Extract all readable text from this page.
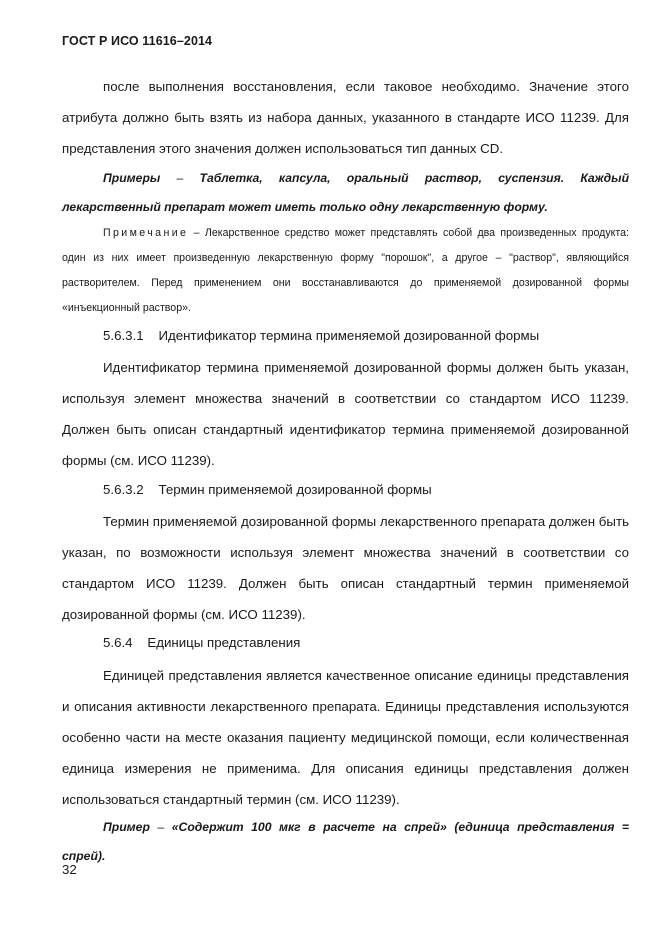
ГОСТ Р ИСО 11616–2014

после выполнения восстановления, если таковое необходимо. Значение этого атрибута должно быть взять из набора данных, указанного в стандарте ИСО 11239. Для представления этого значения должен использоваться тип данных CD.

Примеры – Таблетка, капсула, оральный раствор, суспензия. Каждый лекарственный препарат может иметь только одну лекарственную форму.

Примечание – Лекарственное средство может представлять собой два произведенных продукта: один из них имеет произведенную лекарственную форму "порошок", а другое – "раствор", являющийся растворителем. Перед применением они восстанавливаются до применяемой дозированной формы «инъекционный раствор».

5.6.3.1 Идентификатор термина применяемой дозированной формы

Идентификатор термина применяемой дозированной формы должен быть указан, используя элемент множества значений в соответствии со стандартом ИСО 11239. Должен быть описан стандартный идентификатор термина применяемой дозированной формы (см. ИСО 11239).

5.6.3.2 Термин применяемой дозированной формы

Термин применяемой дозированной формы лекарственного препарата должен быть указан, по возможности используя элемент множества значений в соответствии со стандартом ИСО 11239. Должен быть описан стандартный термин применяемой дозированной формы (см. ИСО 11239).

5.6.4 Единицы представления

Единицей представления является качественное описание единицы представления и описания активности лекарственного препарата. Единицы представления используются особенно части на месте оказания пациенту медицинской помощи, если количественная единица измерения не применима. Для описания единицы представления должен использоваться стандартный термин (см. ИСО 11239).

Пример – «Содержит 100 мкг в расчете на спрей» (единица представления = спрей).

32
